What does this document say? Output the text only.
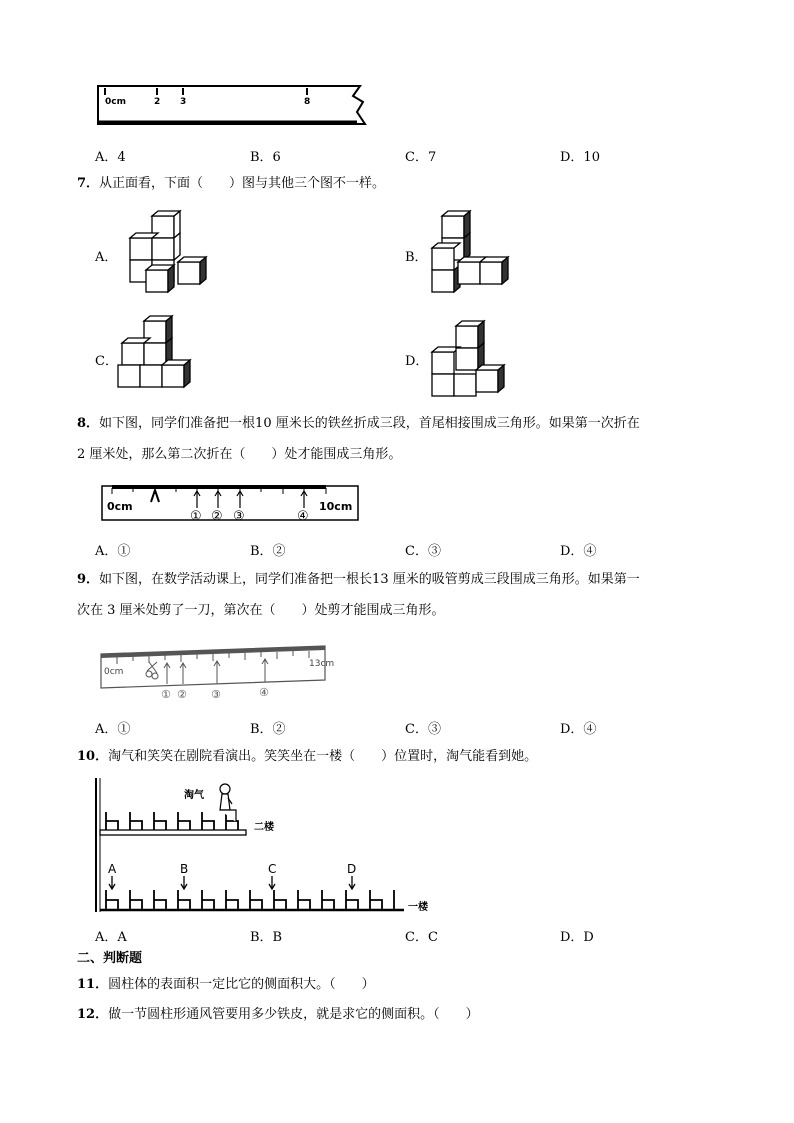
0cm	2 3	8
A．4	B．6	C．7	D．10
7．从正面看，下面（　　）图与其他三个图不一样。
A．	B．
C．	D．
8．如下图，同学们准备把一根10 厘米长的铁丝折成三段，首尾相接围成三角形。如果第一次折在
2 厘米处，那么第二次折在（　　）处才能围成三角形。
0cm	10cm
① ② ③	④
A．①	B．②	C．③	D．④
9．如下图，在数学活动课上，同学们准备把一根长13 厘米的吸管剪成三段围成三角形。如果第一
次在 3 厘米处剪了一刀，第次在（　　）处剪才能围成三角形。
0cm
13cm
① ② ③	④
A．①	B．②	C．③	D．④
10．淘气和笑笑在剧院看演出。笑笑坐在一楼（　　）位置时，淘气能看到她。
淘气
二楼
A	B	C	D
一楼
A．A	B．B	C．C	D．D
二、判断题
11．圆柱体的表面积一定比它的侧面积大。（　　）
12．做一节圆柱形通风管要用多少铁皮，就是求它的侧面积。（　　）
